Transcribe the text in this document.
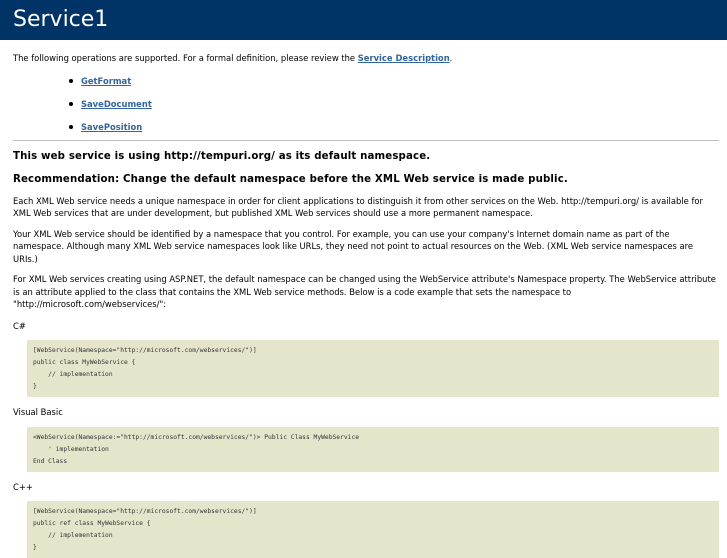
Service1

The following operations are supported. For a formal definition, please review the Service Description.

GetFormat
SaveDocument
SavePosition
This web service is using http://tempuri.org/ as its default namespace.
Recommendation: Change the default namespace before the XML Web service is made public.

Each XML Web service needs a unique namespace in order for client applications to distinguish it from other services on the Web. http://tempuri.org/ is available for XML Web services that are under development, but published XML Web services should use a more permanent namespace.

Your XML Web service should be identified by a namespace that you control. For example, you can use your company's Internet domain name as part of the namespace. Although many XML Web service namespaces look like URLs, they need not point to actual resources on the Web. (XML Web service namespaces are URIs.)

For XML Web services creating using ASP.NET, the default namespace can be changed using the WebService attribute's Namespace property. The WebService attribute is an attribute applied to the class that contains the XML Web service methods. Below is a code example that sets the namespace to "http://microsoft.com/webservices/":

C#

[WebService(Namespace="http://microsoft.com/webservices/")]
public class MyWebService {
// implementation
}

Visual Basic

<WebService(Namespace:="http://microsoft.com/webservices/")> Public Class MyWebService
' implementation
End Class

C++

[WebService(Namespace="http://microsoft.com/webservices/")]
public ref class MyWebService {
// implementation
}
